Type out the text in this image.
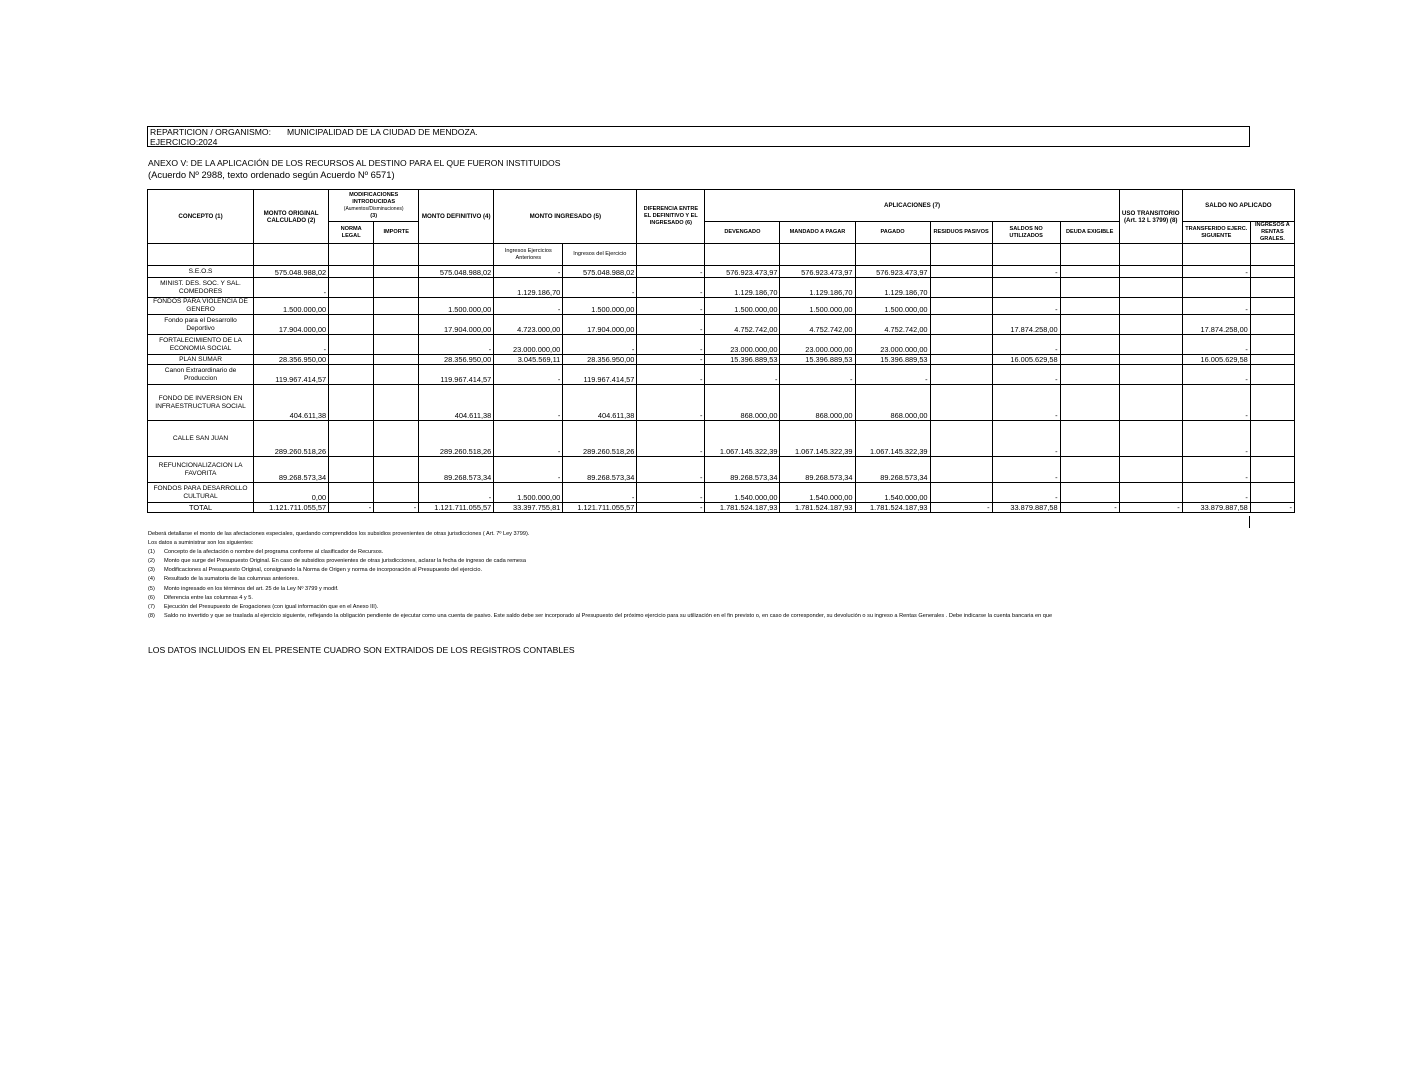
REPARTICION / ORGANISMO: MUNICIPALIDAD DE LA CIUDAD DE MENDOZA.
EJERCICIO:2024
ANEXO V: DE LA APLICACIÓN DE LOS RECURSOS AL DESTINO PARA EL QUE FUERON INSTITUIDOS
(Acuerdo Nº 2988, texto ordenado según Acuerdo Nº 6571)
CONCEPTO (1)	MONTO ORIGINAL CALCULADO (2)	MODIFICACIONES INTRODUCIDAS
(Aumentos/Disminuciones)
(3)		MONTO DEFINITIVO (4)	MONTO INGRESADO (5)		DIFERENCIA ENTRE EL DEFINITIVO Y EL INGRESADO (6)	APLICACIONES (7)						USO TRANSITORIO (Art. 12 L 3799) (8)	SALDO NO APLICADO	
		NORMA LEGAL	IMPORTE					DEVENGADO	MANDADO A PAGAR	PAGADO	RESIDUOS PASIVOS	SALDOS NO UTILIZADOS	DEUDA EXIGIBLE		TRANSFERIDO EJERC. SIGUIENTE	INGRESOS A RENTAS GRALES.
					Ingresos Ejercicios Anteriores	Ingresos del Ejercicio										
S.E.O.S	575.048.988,02			575.048.988,02	-	575.048.988,02	-	576.923.473,97	576.923.473,97	576.923.473,97		-			-	
MINIST. DES. SOC. Y SAL. COMEDORES	-				1.129.186,70	-	-	1.129.186,70	1.129.186,70	1.129.186,70						
FONDOS PARA VIOLENCIA DE GENERO	1.500.000,00			1.500.000,00	-	1.500.000,00	-	1.500.000,00	1.500.000,00	1.500.000,00		-			-	
Fondo para el Desarrollo Deportivo	17.904.000,00			17.904.000,00	4.723.000,00	17.904.000,00	-	4.752.742,00	4.752.742,00	4.752.742,00		17.874.258,00			17.874.258,00	
FORTALECIMIENTO DE LA ECONOMIA SOCIAL	-			-	23.000.000,00	-	-	23.000.000,00	23.000.000,00	23.000.000,00		-			-	
PLAN SUMAR	28.356.950,00			28.356.950,00	3.045.569,11	28.356.950,00	-	15.396.889,53	15.396.889,53	15.396.889,53		16.005.629,58			16.005.629,58	
Canon Extraordinario de Produccion	119.967.414,57			119.967.414,57	-	119.967.414,57	-	-	-	-		-			-	
FONDO DE INVERSION EN INFRAESTRUCTURA SOCIAL	404.611,38			404.611,38	-	404.611,38	-	868.000,00	868.000,00	868.000,00		-			-	
CALLE SAN JUAN	289.260.518,26			289.260.518,26	-	289.260.518,26	-	1.067.145.322,39	1.067.145.322,39	1.067.145.322,39		-			-	
REFUNCIONALIZACION LA FAVORITA	89.268.573,34			89.268.573,34	-	89.268.573,34	-	89.268.573,34	89.268.573,34	89.268.573,34		-			-	
FONDOS PARA DESARROLLO CULTURAL	0,00			-	1.500.000,00	-	-	1.540.000,00	1.540.000,00	1.540.000,00		-			-	
TOTAL	1.121.711.055,57	-	-	1.121.711.055,57	33.397.755,81	1.121.711.055,57	-	1.781.524.187,93	1.781.524.187,93	1.781.524.187,93	-	33.879.887,58	-	-	33.879.887,58	-
Deberá detallarse el monto de las afectaciones especiales, quedando comprendidos los subsidios provenientes de otras jurisdicciones ( Art. 7º Ley 3799).
Los datos a suministrar son los siguientes:
(1) Concepto de la afectación o nombre del programa conforme al clasificador de Recursos.
(2) Monto que surge del Presupuesto Original. En caso de subsidios provenientes de otras jurisdicciones, aclarar la fecha de ingreso de cada remesa
(3) Modificaciones al Presupuesto Original, consignando la Norma de Origen y norma de incorporación al Presupuesto del ejercicio.
(4) Resultado de la sumatoria de las columnas anteriores.
(5) Monto ingresado en los términos del art. 25 de la Ley Nº 3799 y modif.
(6) Diferencia entre las columnas 4 y 5.
(7) Ejecución del Presupuesto de Erogaciones (con igual información que en el Anexo III).
(8) Saldo no invertido y que se traslada al ejercicio siguiente, reflejando la obligación pendiente de ejecutar como una cuenta de pasivo. Este saldo debe ser incorporado al Presupuesto del próximo ejercicio para su utilización en el fin previsto o, en caso de corresponder, su devolución o su ingreso a Rentas Generales . Debe indicarse la cuenta bancaria en que
LOS DATOS INCLUIDOS EN EL PRESENTE CUADRO SON EXTRAIDOS DE LOS REGISTROS CONTABLES
